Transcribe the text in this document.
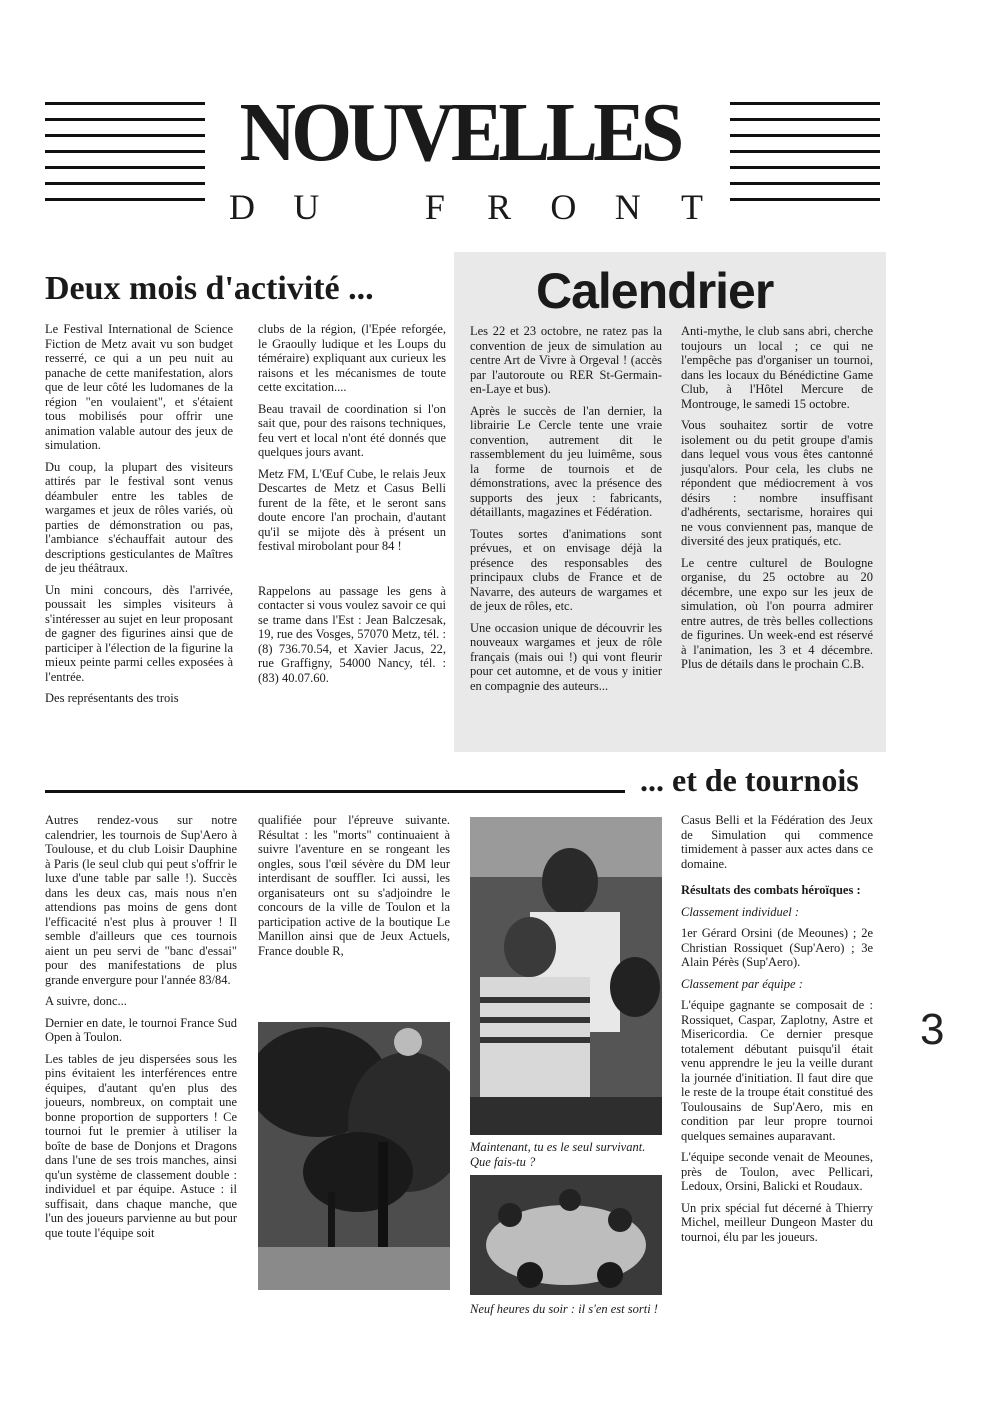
NOUVELLES
D U	F R O N T
Deux mois d'activité ...

Le Festival International de Science Fiction de Metz avait vu son budget resserré, ce qui a un peu nuit au panache de cette manifestation, alors que de leur côté les ludomanes de la région "en voulaient", et s'étaient tous mobilisés pour offrir une animation valable autour des jeux de simulation.

Du coup, la plupart des visiteurs attirés par le festival sont venus déambuler entre les tables de wargames et jeux de rôles variés, où parties de démonstration ou pas, l'ambiance s'échauffait autour des descriptions gesticulantes de Maîtres de jeu théâtraux.

Un mini concours, dès l'arrivée, poussait les simples visiteurs à s'intéresser au sujet en leur proposant de gagner des figurines ainsi que de participer à l'élection de la figurine la mieux peinte parmi celles exposées à l'entrée.

Des représentants des trois

clubs de la région, (l'Epée reforgée, le Graoully ludique et les Loups du téméraire) expliquant aux curieux les raisons et les mécanismes de toute cette excitation....

Beau travail de coordination si l'on sait que, pour des raisons techniques, feu vert et local n'ont été donnés que quelques jours avant.

Metz FM, L'Œuf Cube, le relais Jeux Descartes de Metz et Casus Belli furent de la fête, et le seront sans doute encore l'an prochain, d'autant qu'il se mijote dès à présent un festival mirobolant pour 84 !

Rappelons au passage les gens à contacter si vous voulez savoir ce qui se trame dans l'Est : Jean Balczesak, 19, rue des Vosges, 57070 Metz, tél. : (8) 736.70.54, et Xavier Jacus, 22, rue Graffigny, 54000 Nancy, tél. : (83) 40.07.60.

Calendrier

Les 22 et 23 octobre, ne ratez pas la convention de jeux de simulation au centre Art de Vivre à Orgeval ! (accès par l'autoroute ou RER St-Germain-en-Laye et bus).

Après le succès de l'an dernier, la librairie Le Cercle tente une vraie convention, autrement dit le rassemblement du jeu luimême, sous la forme de tournois et de démonstrations, avec la présence des supports des jeux : fabricants, détaillants, magazines et Fédération.

Toutes sortes d'animations sont prévues, et on envisage déjà la présence des responsables des principaux clubs de France et de Navarre, des auteurs de wargames et de jeux de rôles, etc.

Une occasion unique de découvrir les nouveaux wargames et jeux de rôle français (mais oui !) qui vont fleurir pour cet automne, et de vous y initier en compagnie des auteurs...

Anti-mythe, le club sans abri, cherche toujours un local ; ce qui ne l'empêche pas d'organiser un tournoi, dans les locaux du Bénédictine Game Club, à l'Hôtel Mercure de Montrouge, le samedi 15 octobre.

Vous souhaitez sortir de votre isolement ou du petit groupe d'amis dans lequel vous vous êtes cantonné jusqu'alors. Pour cela, les clubs ne répondent que médiocrement à vos désirs : nombre insuffisant d'adhérents, sectarisme, horaires qui ne vous conviennent pas, manque de diversité des jeux pratiqués, etc.

Le centre culturel de Boulogne organise, du 25 octobre au 20 décembre, une expo sur les jeux de simulation, où l'on pourra admirer entre autres, de très belles collections de figurines. Un week-end est réservé à l'animation, les 3 et 4 décembre. Plus de détails dans le prochain C.B.

... et de tournois

Autres rendez-vous sur notre calendrier, les tournois de Sup'Aero à Toulouse, et du club Loisir Dauphine à Paris (le seul club qui peut s'offrir le luxe d'une table par salle !). Succès dans les deux cas, mais nous n'en attendions pas moins de gens dont l'efficacité n'est plus à prouver ! Il semble d'ailleurs que ces tournois aient un peu servi de "banc d'essai" pour des manifestations de plus grande envergure pour l'année 83/84.

A suivre, donc...

Dernier en date, le tournoi France Sud Open à Toulon.

Les tables de jeu dispersées sous les pins évitaient les interférences entre équipes, d'autant qu'en plus des joueurs, nombreux, on comptait une bonne proportion de supporters ! Ce tournoi fut le premier à utiliser la boîte de base de Donjons et Dragons dans l'une de ses trois manches, ainsi qu'un système de classement double : individuel et par équipe. Astuce : il suffisait, dans chaque manche, que l'un des joueurs parvienne au but pour que toute l'équipe soit

qualifiée pour l'épreuve suivante. Résultat : les "morts" continuaient à suivre l'aventure en se rongeant les ongles, sous l'œil sévère du DM leur interdisant de souffler. Ici aussi, les organisateurs ont su s'adjoindre le concours de la ville de Toulon et la participation active de la boutique Le Manillon ainsi que de Jeux Actuels, France double R,

Maintenant, tu es le seul survivant. Que fais-tu ?
Neuf heures du soir : il s'en est sorti !

Casus Belli et la Fédération des Jeux de Simulation qui commence timidement à passer aux actes dans ce domaine.

Résultats des combats héroïques :

Classement individuel :

1er Gérard Orsini (de Meounes) ; 2e Christian Rossiquet (Sup'Aero) ; 3e Alain Pérès (Sup'Aero).

Classement par équipe :

L'équipe gagnante se composait de : Rossiquet, Caspar, Zaplotny, Astre et Misericordia. Ce dernier presque totalement débutant puisqu'il était venu apprendre le jeu la veille durant la journée d'initiation. Il faut dire que le reste de la troupe était constitué des Toulousains de Sup'Aero, mis en condition par leur propre tournoi quelques semaines auparavant.

L'équipe seconde venait de Meounes, près de Toulon, avec Pellicari, Ledoux, Orsini, Balicki et Roudaux.

Un prix spécial fut décerné à Thierry Michel, meilleur Dungeon Master du tournoi, élu par les joueurs.

3
